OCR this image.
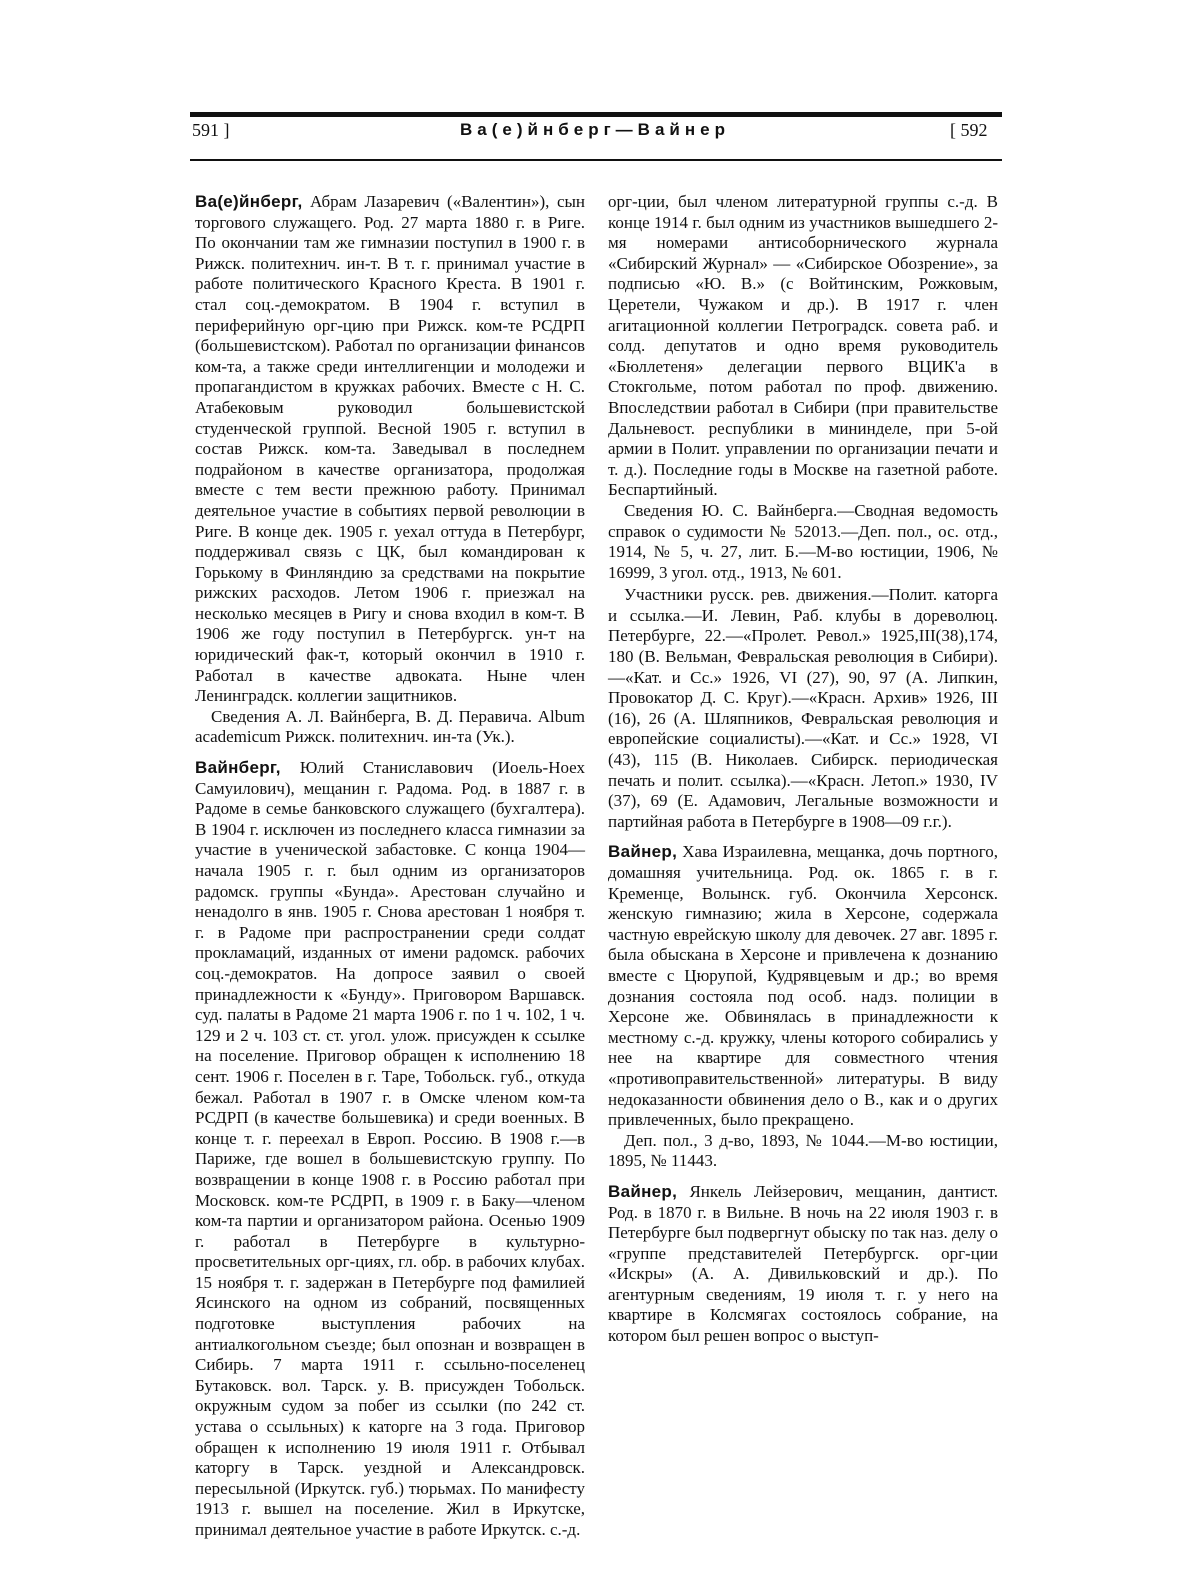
591 ]	Ва(е)йнберг—Вайнер	[ 592

Ва(е)йнберг, Абрам Лазаревич («Валентин»), сын торгового служащего. Род. 27 марта 1880 г. в Риге. По окончании там же гимназии поступил в 1900 г. в Рижск. политехнич. ин-т. В т. г. принимал участие в работе политического Красного Креста. В 1901 г. стал соц.-демократом. В 1904 г. вступил в периферийную орг-цию при Рижск. ком-те РСДРП (большевистском). Работал по организации финансов ком-та, а также среди интеллигенции и молодежи и пропагандистом в кружках рабочих. Вместе с Н. С. Атабековым руководил большевистской студенческой группой. Весной 1905 г. вступил в состав Рижск. ком-та. Заведывал в последнем подрайоном в качестве организатора, продолжая вместе с тем вести прежнюю работу. Принимал деятельное участие в событиях первой революции в Риге. В конце дек. 1905 г. уехал оттуда в Петербург, поддерживал связь с ЦК, был командирован к Горькому в Финляндию за средствами на покрытие рижских расходов. Летом 1906 г. приезжал на несколько месяцев в Ригу и снова входил в ком-т. В 1906 же году поступил в Петербургск. ун-т на юридический фак-т, который окончил в 1910 г. Работал в качестве адвоката. Ныне член Ленинградск. коллегии защитников.

Сведения А. Л. Вайнберга, В. Д. Перавича. Album academicum Рижск. политехнич. ин-та (Ук.).

Вайнберг, Юлий Станиславович (Иоель-Ноех Самуилович), мещанин г. Радома. Род. в 1887 г. в Радоме в семье банковского служащего (бухгалтера). В 1904 г. исключен из последнего класса гимназии за участие в ученической забастовке. С конца 1904—начала 1905 г. г. был одним из организаторов радомск. группы «Бунда». Арестован случайно и ненадолго в янв. 1905 г. Снова арестован 1 ноября т. г. в Радоме при распространении среди солдат прокламаций, изданных от имени радомск. рабочих соц.-демократов. На допросе заявил о своей принадлежности к «Бунду». Приговором Варшавск. суд. палаты в Радоме 21 марта 1906 г. по 1 ч. 102, 1 ч. 129 и 2 ч. 103 ст. ст. угол. улож. присужден к ссылке на поселение. Приговор обращен к исполнению 18 сент. 1906 г. Поселен в г. Таре, Тобольск. губ., откуда бежал. Работал в 1907 г. в Омске членом ком-та РСДРП (в качестве большевика) и среди военных. В конце т. г. переехал в Европ. Россию. В 1908 г.—в Париже, где вошел в большевистскую группу. По возвращении в конце 1908 г. в Россию работал при Московск. ком-те РСДРП, в 1909 г. в Баку—членом ком-та партии и организатором района. Осенью 1909 г. работал в Петербурге в культурно-просветительных орг-циях, гл. обр. в рабочих клубах. 15 ноября т. г. задержан в Петербурге под фамилией Ясинского на одном из собраний, посвященных подготовке выступления рабочих на антиалкогольном съезде; был опознан и возвращен в Сибирь. 7 марта 1911 г. ссыльно-поселенец Бутаковск. вол. Тарск. у. В. присужден Тобольск. окружным судом за побег из ссылки (по 242 ст. устава о ссыльных) к каторге на 3 года. Приговор обращен к исполнению 19 июля 1911 г. Отбывал каторгу в Тарск. уездной и Александровск. пересыльной (Иркутск. губ.) тюрьмах. По манифесту 1913 г. вышел на поселение. Жил в Иркутске, принимал деятельное участие в работе Иркутск. с.-д.

орг-ции, был членом литературной группы с.-д. В конце 1914 г. был одним из участников вышедшего 2-мя номерами антисоборнического журнала «Сибирский Журнал» — «Сибирское Обозрение», за подписью «Ю. В.» (с Войтинским, Рожковым, Церетели, Чужаком и др.). В 1917 г. член агитационной коллегии Петроградск. совета раб. и солд. депутатов и одно время руководитель «Бюллетеня» делегации первого ВЦИК'а в Стокгольме, потом работал по проф. движению. Впоследствии работал в Сибири (при правительстве Дальневост. республики в мининделе, при 5-ой армии в Полит. управлении по организации печати и т. д.). Последние годы в Москве на газетной работе. Беспартийный.

Сведения Ю. С. Вайнберга.—Сводная ведомость справок о судимости № 52013.—Деп. пол., ос. отд., 1914, № 5, ч. 27, лит. Б.—М-во юстиции, 1906, № 16999, 3 угол. отд., 1913, № 601.

Участники русск. рев. движения.—Полит. каторга и ссылка.—И. Левин, Раб. клубы в дореволюц. Петербурге, 22.—«Пролет. Револ.» 1925,III(38),174, 180 (В. Вельман, Февральская революция в Сибири).—«Кат. и Сс.» 1926, VI (27), 90, 97 (А. Липкин, Провокатор Д. С. Круг).—«Красн. Архив» 1926, III (16), 26 (А. Шляпников, Февральская революция и европейские социалисты).—«Кат. и Сс.» 1928, VI (43), 115 (В. Николаев. Сибирск. периодическая печать и полит. ссылка).—«Красн. Летоп.» 1930, IV (37), 69 (Е. Адамович, Легальные возможности и партийная работа в Петербурге в 1908—09 г.г.).

Вайнер, Хава Израилевна, мещанка, дочь портного, домашняя учительница. Род. ок. 1865 г. в г. Кременце, Волынск. губ. Окончила Херсонск. женскую гимназию; жила в Херсоне, содержала частную еврейскую школу для девочек. 27 авг. 1895 г. была обыскана в Херсоне и привлечена к дознанию вместе с Цюрупой, Кудрявцевым и др.; во время дознания состояла под особ. надз. полиции в Херсоне же. Обвинялась в принадлежности к местному с.-д. кружку, члены которого собирались у нее на квартире для совместного чтения «противоправительственной» литературы. В виду недоказанности обвинения дело о В., как и о других привлеченных, было прекращено.

Деп. пол., 3 д-во, 1893, № 1044.—М-во юстиции, 1895, № 11443.

Вайнер, Янкель Лейзерович, мещанин, дантист. Род. в 1870 г. в Вильне. В ночь на 22 июля 1903 г. в Петербурге был подвергнут обыску по так наз. делу о «группе представителей Петербургск. орг-ции «Искры» (А. А. Дивильковский и др.). По агентурным сведениям, 19 июля т. г. у него на квартире в Колсмягах состоялось собрание, на котором был решен вопрос о выступ-
